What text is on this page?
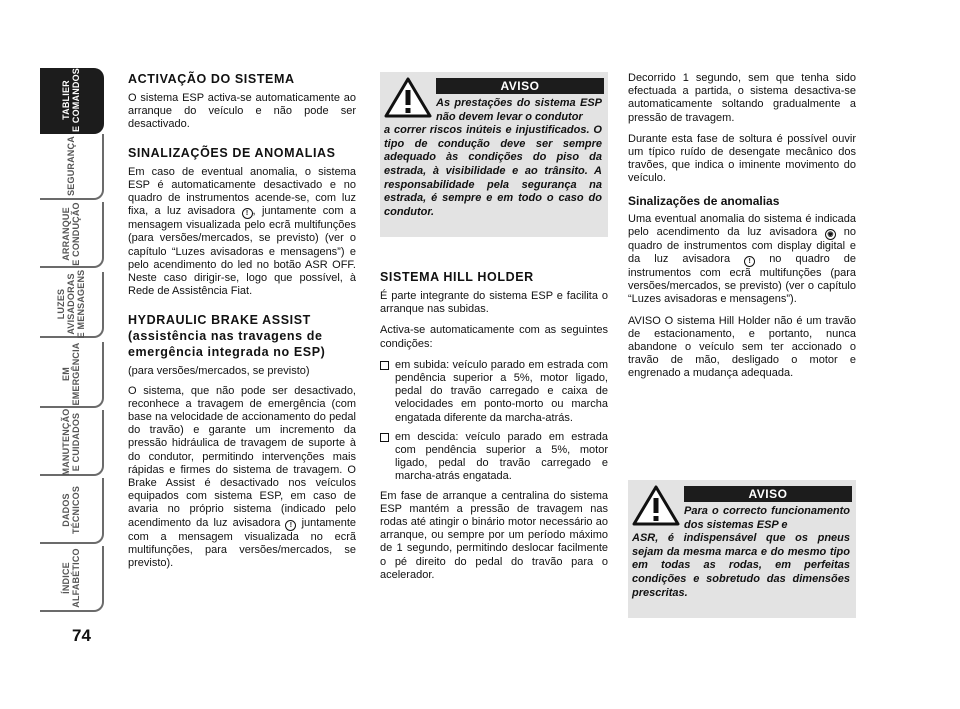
TABLIER
E COMANDOS
SEGURANÇA
ARRANQUE
E CONDUÇÃO
LUZES
AVISADORAS
E MENSAGENS
EM
EMERGÊNCIA
MANUTENÇÃO
E CUIDADOS
DADOS
TÉCNICOS
ÍNDICE
ALFABÉTICO
74
ACTIVAÇÃO DO SISTEMA

O sistema ESP activa-se automaticamente ao arranque do veículo e não pode ser desactivado.

SINALIZAÇÕES DE ANOMALIAS

Em caso de eventual anomalia, o sistema ESP é automaticamente desactivado e no quadro de instrumentos acende-se, com luz fixa, a luz avisadora ! , juntamente com a mensagem visualizada pelo ecrã multifunções (para versões/mercados, se previsto) (ver o capítulo “Luzes avisadoras e mensagens”) e pelo acendimento do led no botão ASR OFF. Neste caso dirigir-se, logo que possível, à Rede de Assistência Fiat.

HYDRAULIC BRAKE ASSIST (assistência nas travagens de emergência integrada no ESP)

(para versões/mercados, se previsto)

O sistema, que não pode ser desactivado, reconhece a travagem de emergência (com base na velocidade de accionamento do pedal do travão) e garante um incremento da pressão hidráulica de travagem de suporte à do condutor, permitindo intervenções mais rápidas e firmes do sistema de travagem. O Brake Assist é desactivado nos veículos equipados com sistema ESP, em caso de avaria no próprio sistema (indicado pelo acendimento da luz avisadora ! juntamente com a mensagem visualizada no ecrã multifunções, para versões/mercados, se previsto).

AVISO
As prestações do sistema ESP não devem levar o condutor
a correr riscos inúteis e injustificados. O tipo de condução deve ser sempre adequado às condições do piso da estrada, à visibilidade e ao trânsito. A responsabilidade pela segurança na estrada, é sempre e em todo o caso do condutor.
SISTEMA HILL HOLDER

É parte integrante do sistema ESP e facilita o arranque nas subidas.

Activa-se automaticamente com as seguintes condições:

em subida: veículo parado em estrada com pendência superior a 5%, motor ligado, pedal do travão carregado e caixa de velocidades em ponto-morto ou marcha engatada diferente da marcha-atrás.
em descida: veículo parado em estrada com pendência superior a 5%, motor ligado, pedal do travão carregado e marcha-atrás engatada.

Em fase de arranque a centralina do sistema ESP mantém a pressão de travagem nas rodas até atingir o binário motor necessário ao arranque, ou sempre por um período máximo de 1 segundo, permitindo deslocar facilmente o pé direito do pedal do travão para o acelerador.

Decorrido 1 segundo, sem que tenha sido efectuada a partida, o sistema desactiva-se automaticamente soltando gradualmente a pressão de travagem.

Durante esta fase de soltura é possível ouvir um típico ruído de desengate mecânico dos travões, que indica o iminente movimento do veículo.

Sinalizações de anomalias

Uma eventual anomalia do sistema é indicada pelo acendimento da luz avisadora ◉ no quadro de instrumentos com display digital e da luz avisadora	! no quadro de instrumentos com ecrã multifunções (para versões/mercados, se previsto) (ver o capítulo “Luzes avisadoras e mensagens”).

AVISO O sistema Hill Holder não é um travão de estacionamento, e portanto, nunca abandone o veículo sem ter accionado o travão de mão, desligado o motor e engrenado a mudança adequada.

AVISO
Para o correcto funcionamento dos sistemas ESP e
ASR, é indispensável que os pneus sejam da mesma marca e do mesmo tipo em todas as rodas, em perfeitas condições e sobretudo das dimensões prescritas.
